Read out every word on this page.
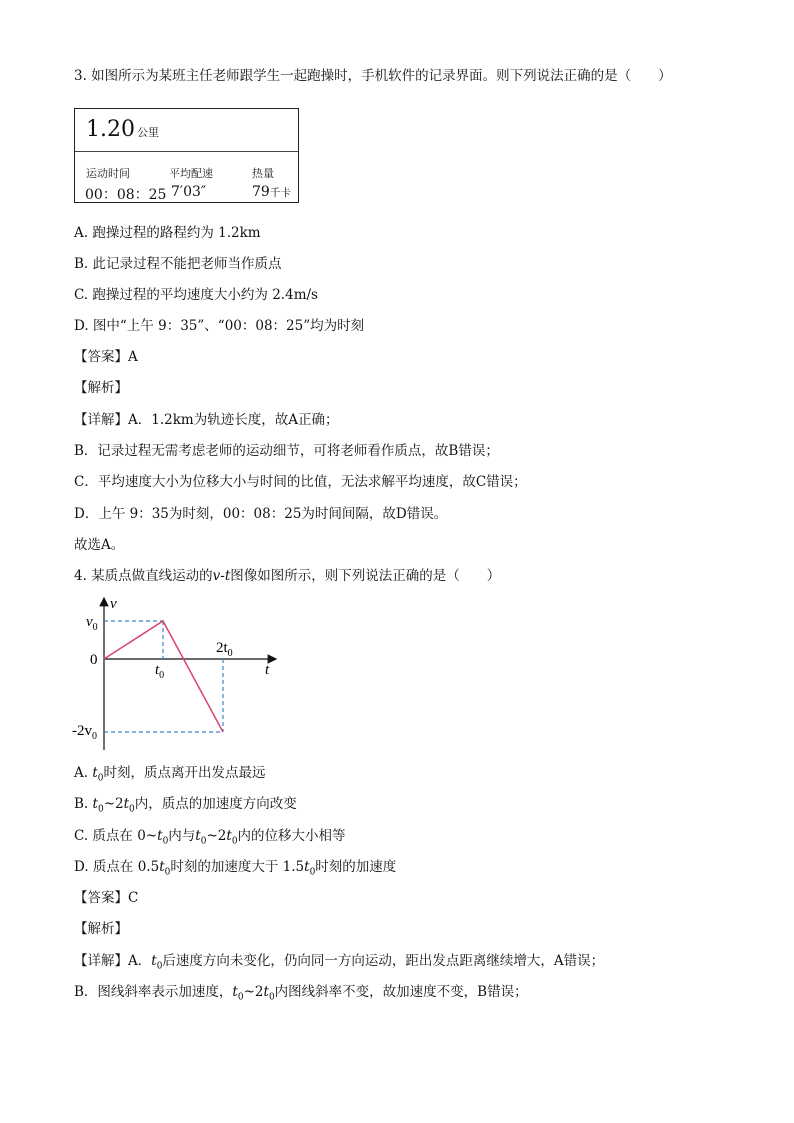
3. 如图所示为某班主任老师跟学生一起跑操时，手机软件的记录界面。则下列说法正确的是（　　）
1.20 公里
运动时间	平均配速	热量
00：08：25 7′03″	79千卡
A. 跑操过程的路程约为 1.2km
B. 此记录过程不能把老师当作质点
C. 跑操过程的平均速度大小约为 2.4m/s
D. 图中“上午 9：35”、“00：08：25”均为时刻
【答案】A
【解析】
【详解】A．1.2km为轨迹长度，故A正确；
B．记录过程无需考虑老师的运动细节，可将老师看作质点，故B错误；
C．平均速度大小为位移大小与时间的比值，无法求解平均速度，故C错误；
D．上午 9：35为时刻，00：08：25为时间间隔，故D错误。
故选A。
4. 某质点做直线运动的v-t图像如图所示，则下列说法正确的是（　　）
v
t
$v_0$
0
$t_0$
$2t_0$
$-2v_0$
A. $t_0$时刻，质点离开出发点最远
B. $t_0\sim 2t_0$内，质点的加速度方向改变
C. 质点在 $0\sim t_0$内与$t_0\sim 2t_0$内的位移大小相等
D. 质点在 $0.5t_0$时刻的加速度大于 $1.5t_0$时刻的加速度
【答案】C
【解析】
【详解】A．$t_0$后速度方向未变化，仍向同一方向运动，距出发点距离继续增大，A错误；
B．图线斜率表示加速度，$t_0\sim 2t_0$内图线斜率不变，故加速度不变，B错误；
